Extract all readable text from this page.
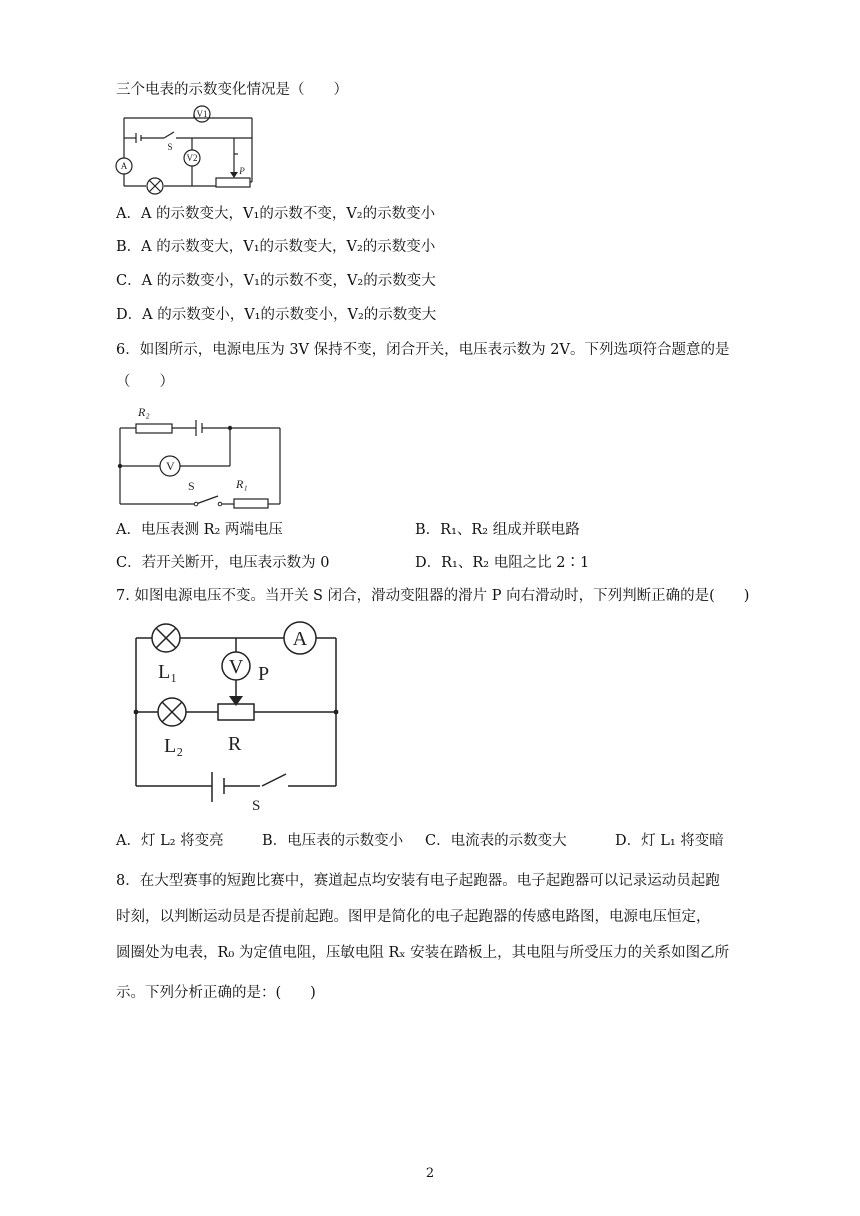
三个电表的示数变化情况是（　　）
V1
V2
A
S
P
A．A 的示数变大，V₁的示数不变，V₂的示数变小
B．A 的示数变大，V₁的示数变大，V₂的示数变小
C．A 的示数变小，V₁的示数不变，V₂的示数变大
D．A 的示数变小，V₁的示数变小，V₂的示数变大
6．如图所示，电源电压为 3V 保持不变，闭合开关，电压表示数为 2V。下列选项符合题意的是
（　　）
R₂
V
S	R₁
A．电压表测 R₂ 两端电压	B．R₁、R₂ 组成并联电路
C．若开关断开，电压表示数为 0	D．R₁、R₂ 电阻之比 2∶1
7. 如图电源电压不变。当开关 S 闭合，滑动变阻器的滑片 P 向右滑动时，下列判断正确的是(　　)
A
V
L₁	P
L₂ R
S
A．灯 L₂ 将变亮	B．电压表的示数变小 C．电流表的示数变大	D．灯 L₁ 将变暗
8．在大型赛事的短跑比赛中，赛道起点均安装有电子起跑器。电子起跑器可以记录运动员起跑
时刻，以判断运动员是否提前起跑。图甲是简化的电子起跑器的传感电路图，电源电压恒定，
圆圈处为电表，R₀ 为定值电阻，压敏电阻 Rₓ 安装在踏板上，其电阻与所受压力的关系如图乙所
示。下列分析正确的是：(　　)
2
